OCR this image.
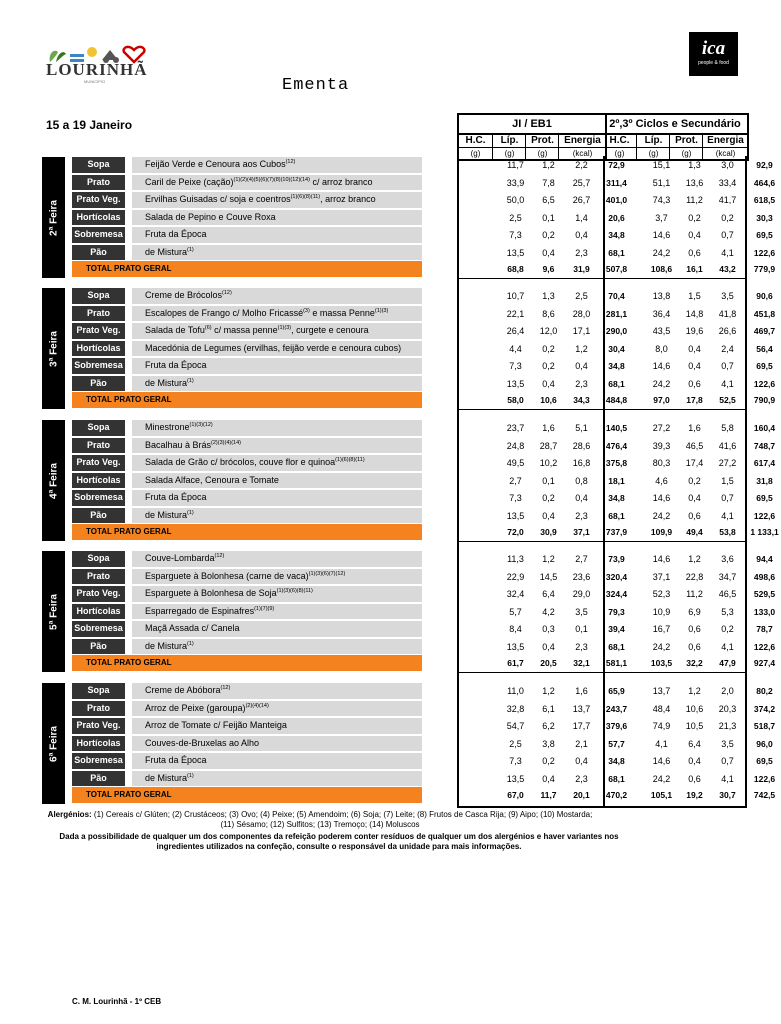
LOURINHÃ
MUNICÍPIO
ica
people & food
Ementa
15 a 19 Janeiro	JI / EB1
H.C.
(g)
Líp.
(g)
Prot.
(g)
Energia
(kcal)
2º,3º Ciclos e Secundário
H.C.
(g)
Líp.
(g)
Prot.
(g)
Energia
(kcal)
2ª Feira
Sopa	Feijão Verde e Cenoura aos Cubos$^{(12)}$	11,7	1,2	2,2	72,9	15,1	1,3	3,0	92,9
Prato	Caril de Peixe (cação)$^{(1)(2)(4)(5)(6)(7)(8)(10)(12)(14)}$ c/ arroz branco	33,9	7,8	25,7	311,4	51,1	13,6	33,4	464,6
Prato Veg.	Ervilhas Guisadas c/ soja e coentros$^{(1)(6)(8)(11)}$, arroz branco	50,0	6,5	26,7	401,0	74,3	11,2	41,7	618,5
Hortícolas	Salada de Pepino e Couve Roxa	2,5	0,1	1,4	20,6	3,7	0,2	0,2	30,3
Sobremesa	Fruta da Época	7,3	0,2	0,4	34,8	14,6	0,4	0,7	69,5
Pão	de Mistura$^{(1)}$	13,5	0,4	2,3	68,1	24,2	0,6	4,1	122,6
TOTAL PRATO GERAL	68,8	9,6	31,9	507,8	108,6	16,1	43,2	779,9
3ª Feira
Sopa	Creme de Brócolos$^{(12)}$	10,7	1,3	2,5	70,4	13,8	1,5	3,5	90,6
Prato	Escalopes de Frango c/ Molho Fricassé$^{(3)}$ e massa Penne$^{(1)(3)}$	22,1	8,6	28,0	281,1	36,4	14,8	41,8	451,8
Prato Veg.	Salada de Tofu$^{(6)}$ c/ massa penne$^{(1)(3)}$, curgete e cenoura	26,4	12,0	17,1	290,0	43,5	19,6	26,6	469,7
Hortícolas	Macedónia de Legumes (ervilhas, feijão verde e cenoura cubos)	4,4	0,2	1,2	30,4	8,0	0,4	2,4	56,4
Sobremesa	Fruta da Época	7,3	0,2	0,4	34,8	14,6	0,4	0,7	69,5
Pão	de Mistura$^{(1)}$	13,5	0,4	2,3	68,1	24,2	0,6	4,1	122,6
TOTAL PRATO GERAL	58,0	10,6	34,3	484,8	97,0	17,8	52,5	790,9
4ª Feira
Sopa	Minestrone$^{(1)(3)(12)}$	23,7	1,6	5,1	140,5	27,2	1,6	5,8	160,4
Prato	Bacalhau à Brás$^{(2)(3)(4)(14)}$	24,8	28,7	28,6	476,4	39,3	46,5	41,6	748,7
Prato Veg.	Salada de Grão c/ brócolos, couve flor e quinoa$^{(1)(6)(8)(11)}$	49,5	10,2	16,8	375,8	80,3	17,4	27,2	617,4
Hortícolas	Salada Alface, Cenoura e Tomate	2,7	0,1	0,8	18,1	4,6	0,2	1,5	31,8
Sobremesa	Fruta da Época	7,3	0,2	0,4	34,8	14,6	0,4	0,7	69,5
Pão	de Mistura$^{(1)}$	13,5	0,4	2,3	68,1	24,2	0,6	4,1	122,6
TOTAL PRATO GERAL	72,0	30,9	37,1	737,9	109,9	49,4	53,8	1 133,1
5ª Feira
Sopa	Couve-Lombarda$^{(12)}$	11,3	1,2	2,7	73,9	14,6	1,2	3,6	94,4
Prato	Esparguete à Bolonhesa (carne de vaca)$^{(1)(3)(6)(7)(12)}$	22,9	14,5	23,6	320,4	37,1	22,8	34,7	498,6
Prato Veg.	Esparguete à Bolonhesa de Soja$^{(1)(3)(6)(8)(11)}$	32,4	6,4	29,0	324,4	52,3	11,2	46,5	529,5
Hortícolas	Esparregado de Espinafres$^{(1)(7)(9)}$	5,7	4,2	3,5	79,3	10,9	6,9	5,3	133,0
Sobremesa	Maçã Assada c/ Canela	8,4	0,3	0,1	39,4	16,7	0,6	0,2	78,7
Pão	de Mistura$^{(1)}$	13,5	0,4	2,3	68,1	24,2	0,6	4,1	122,6
TOTAL PRATO GERAL	61,7	20,5	32,1	581,1	103,5	32,2	47,9	927,4
6ª Feira
Sopa	Creme de Abóbora$^{(12)}$	11,0	1,2	1,6	65,9	13,7	1,2	2,0	80,2
Prato	Arroz de Peixe (garoupa)$^{(2)(4)(14)}$	32,8	6,1	13,7	243,7	48,4	10,6	20,3	374,2
Prato Veg.	Arroz de Tomate c/ Feijão Manteiga	54,7	6,2	17,7	379,6	74,9	10,5	21,3	518,7
Hortícolas	Couves-de-Bruxelas ao Alho	2,5	3,8	2,1	57,7	4,1	6,4	3,5	96,0
Sobremesa	Fruta da Época	7,3	0,2	0,4	34,8	14,6	0,4	0,7	69,5
Pão	de Mistura$^{(1)}$	13,5	0,4	2,3	68,1	24,2	0,6	4,1	122,6
TOTAL PRATO GERAL	67,0	11,7	20,1	470,2	105,1	19,2	30,7	742,5
Alergénios: (1) Cereais c/ Glúten; (2) Crustáceos; (3) Ovo; (4) Peixe; (5) Amendoim; (6) Soja; (7) Leite; (8) Frutos de Casca Rija; (9) Aipo; (10) Mostarda; (11) Sésamo; (12) Sulfitos; (13) Tremoço; (14) Moluscos
Dada a possibilidade de qualquer um dos componentes da refeição poderem conter resíduos de qualquer um dos alergénios e haver variantes nos ingredientes utilizados na confeção, consulte o responsável da unidade para mais informações.
C. M. Lourinhã - 1º CEB
